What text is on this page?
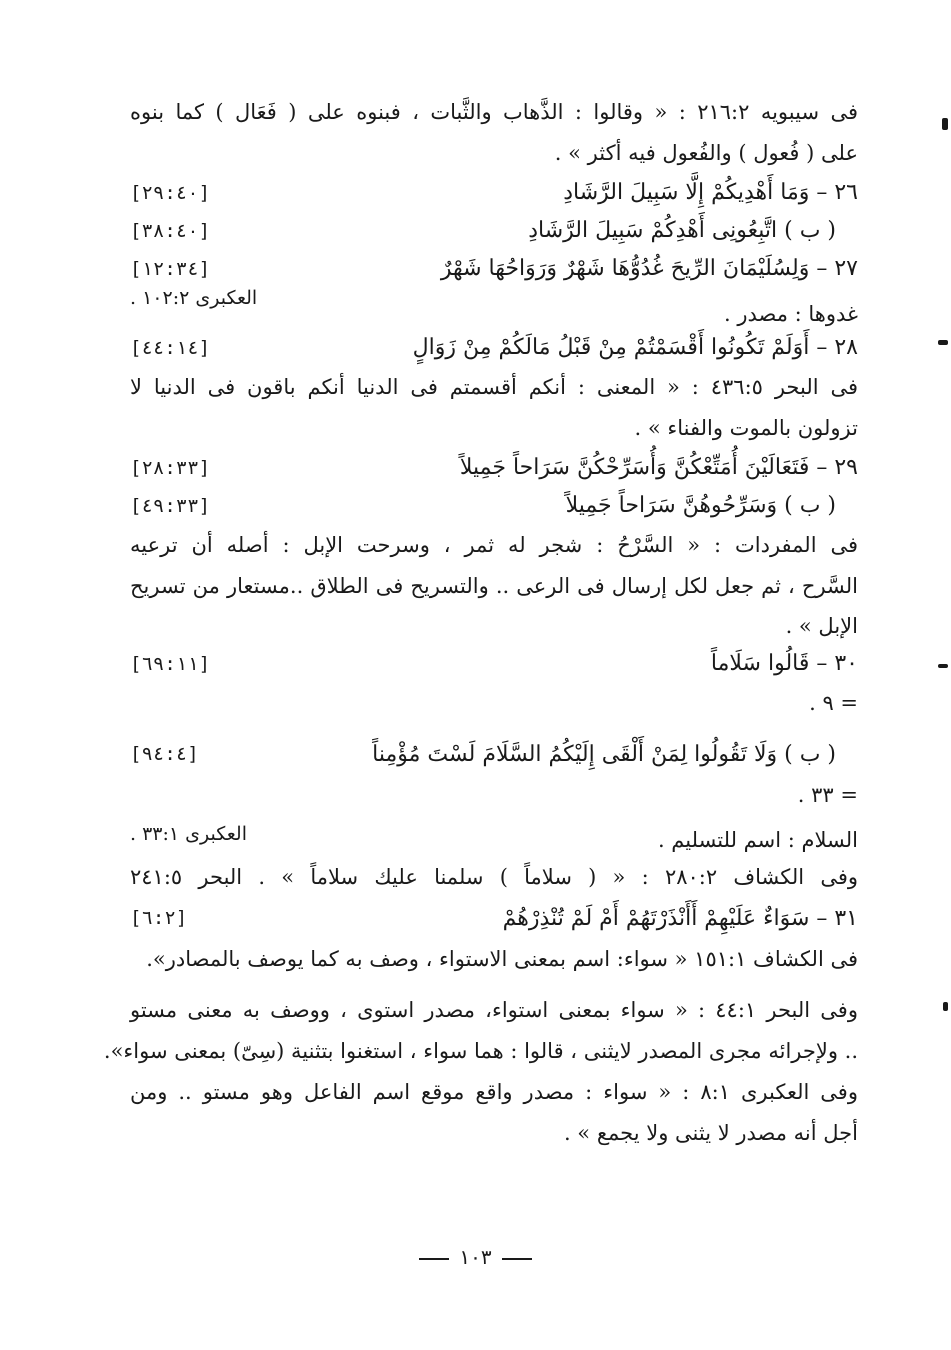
فى سيبويه ٢١٦:٢ : « وقالوا : الذَّهاب والثَّبات ، فبنوه على ( فَعَال ) كما بنوه
على ( فُعول ) والفُعول فيه أكثر » .
٢٦ – وَمَا أَهْدِيكُمْ إِلَّا سَبِيلَ الرَّشَادِ
[٢٩:٤٠]
( ب ) اتَّبِعُونِى أَهْدِكُمْ سَبِيلَ الرَّشَادِ
[٣٨:٤٠]
٢٧ – وَلِسُلَيْمَانَ الرِّيحَ غُدُوُّهَا شَهْرٌ وَرَوَاحُهَا شَهْرٌ
[١٢:٣٤]
غدوها : مصدر .
العكبرى ١٠٢:٢ .
٢٨ – أَوَلَمْ تَكُونُوا أَقْسَمْتُمْ مِنْ قَبْلُ مَالَكُمْ مِنْ زَوَالٍ
[٤٤:١٤]
فى البحر ٤٣٦:٥ : « المعنى : أنكم أقسمتم فى الدنيا أنكم باقون فى الدنيا لا
تزولون بالموت والفناء » .
٢٩ – فَتَعَالَيْنَ أُمَتِّعْكُنَّ وَأُسَرِّحْكُنَّ سَرَاحاً جَمِيلاً
[٢٨:٣٣]
( ب ) وَسَرِّحُوهُنَّ سَرَاحاً جَمِيلاً
[٤٩:٣٣]
فى المفردات : « السَّرْحُ : شجر له ثمر ، وسرحت الإبل : أصله أن ترعيه
السَّرح ، ثم جعل لكل إرسال فى الرعى .. والتسريح فى الطلاق ..مستعار من تسريح
الإبل » .
٣٠ – قَالُوا سَلَاماً
[٦٩:١١]
= ٩ .
( ب ) وَلَا تَقُولُوا لِمَنْ أَلْقَى إِلَيْكُمُ السَّلَامَ لَسْتَ مُؤْمِناً
[٩٤:٤]
= ٣٣ .
السلام : اسم للتسليم .
العكبرى ٣٣:١ .
وفى الكشاف ٢٨٠:٢ : « ( سلاماً ) سلمنا عليك سلاماً » . البحر ٢٤١:٥
٣١ – سَوَاءٌ عَلَيْهِمْ أَأَنْذَرْتَهُمْ أَمْ لَمْ تُنْذِرْهُمْ
[٦:٢]
فى الكشاف ١٥١:١ « سواء: اسم بمعنى الاستواء ، وصف به كما يوصف بالمصادر».
وفى البحر ٤٤:١ : « سواء بمعنى استواء، مصدر استوى ، ووصف به معنى مستو
.. ولإجرائه مجرى المصدر لايثنى ، قالوا : هما سواء ، استغنوا بتثنية (سِىّ) بمعنى سواء».
وفى العكبرى ٨:١ : « سواء : مصدر واقع موقع اسم الفاعل وهو مستو .. ومن
أجل أنه مصدر لا يثنى ولا يجمع » .
١٠٣
